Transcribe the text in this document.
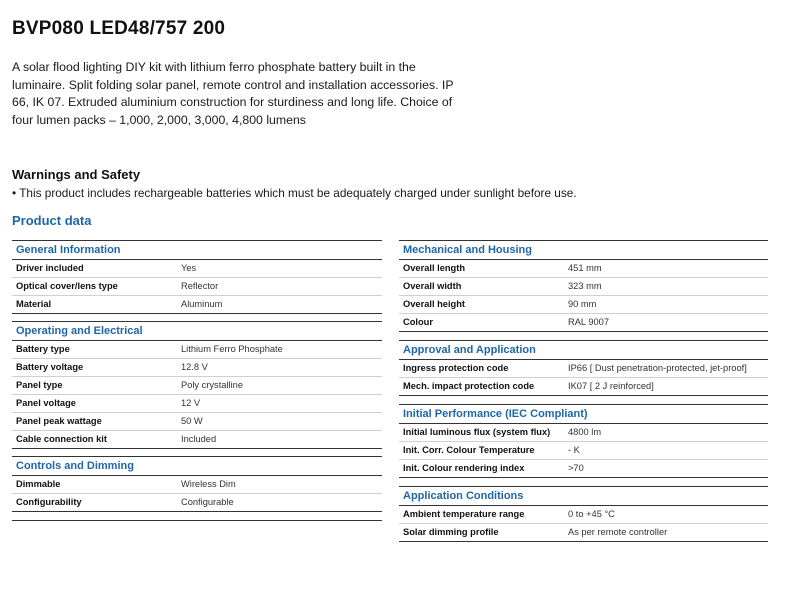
BVP080 LED48/757 200

A solar flood lighting DIY kit with lithium ferro phosphate battery built in the luminaire. Split folding solar panel, remote control and installation accessories. IP 66, IK 07. Extruded aluminium construction for sturdiness and long life. Choice of four lumen packs – 1,000, 2,000, 3,000, 4,800 lumens

Warnings and Safety

• This product includes rechargeable batteries which must be adequately charged under sunlight before use.

Product data
General Information
Driver included	Yes
Optical cover/lens type	Reflector
Material	Aluminum
Operating and Electrical
Battery type	Lithium Ferro Phosphate
Battery voltage	12.8 V
Panel type	Poly crystalline
Panel voltage	12 V
Panel peak wattage	50 W
Cable connection kit	Included
Controls and Dimming
Dimmable	Wireless Dim
Configurability	Configurable
Mechanical and Housing
Overall length	451 mm
Overall width	323 mm
Overall height	90 mm
Colour	RAL 9007
Approval and Application
Ingress protection code	IP66 [ Dust penetration-protected, jet-proof]
Mech. impact protection code	IK07 [ 2 J reinforced]
Initial Performance (IEC Compliant)
Initial luminous flux (system flux)	4800 lm
Init. Corr. Colour Temperature	- K
Init. Colour rendering index	>70
Application Conditions
Ambient temperature range	0 to +45 °C
Solar dimming profile	As per remote controller
